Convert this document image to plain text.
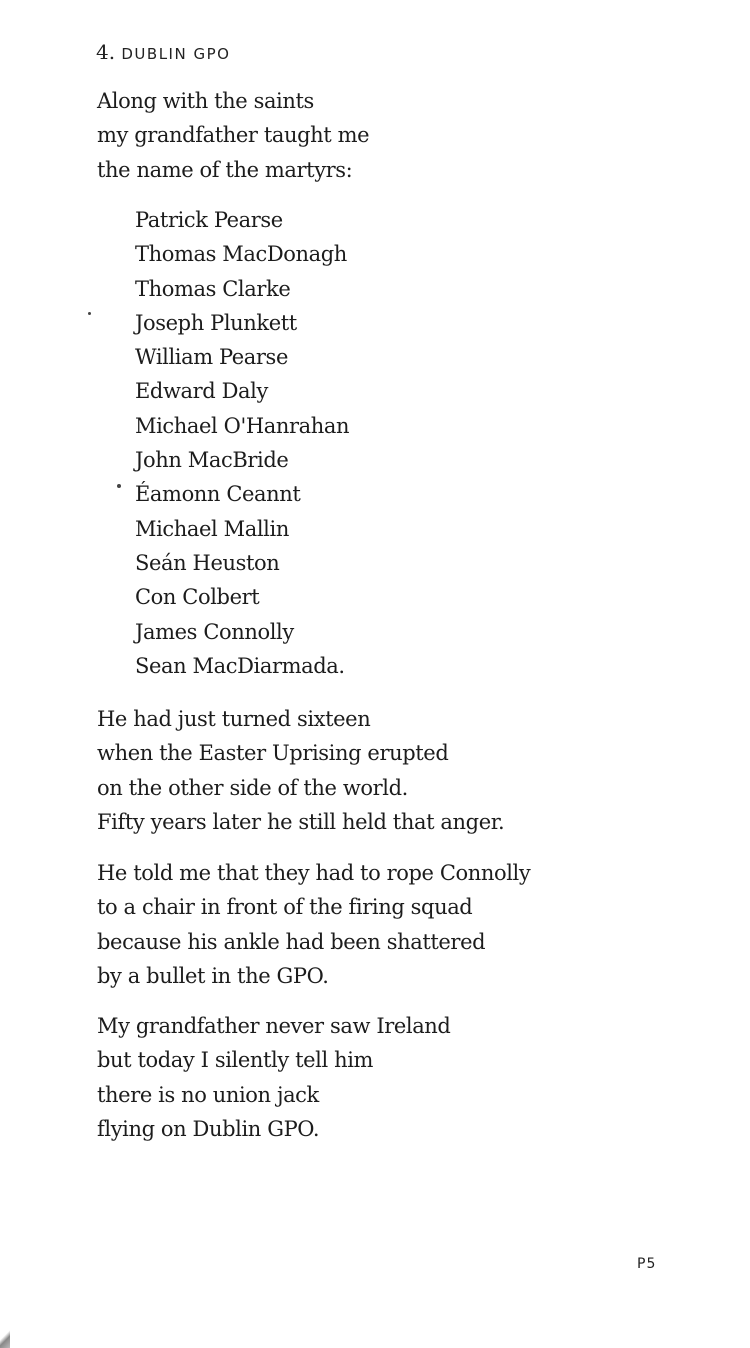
4. DUBLIN GPO
Along with the saints
my grandfather taught me
the name of the martyrs:
Patrick Pearse
Thomas MacDonagh
Thomas Clarke
Joseph Plunkett
William Pearse
Edward Daly
Michael O'Hanrahan
John MacBride
Éamonn Ceannt
Michael Mallin
Seán Heuston
Con Colbert
James Connolly
Sean MacDiarmada.
He had just turned sixteen
when the Easter Uprising erupted
on the other side of the world.
Fifty years later he still held that anger.
He told me that they had to rope Connolly
to a chair in front of the firing squad
because his ankle had been shattered
by a bullet in the GPO.
My grandfather never saw Ireland
but today I silently tell him
there is no union jack
flying on Dublin GPO.
P5
